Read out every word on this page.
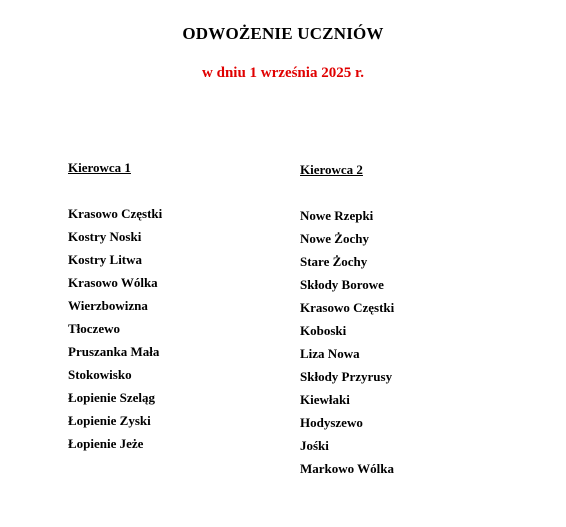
ODWOŻENIE UCZNIÓW
w dniu 1 września 2025 r.
Kierowca 1
Krasowo Częstki
Kostry Noski
Kostry Litwa
Krasowo Wólka
Wierzbowizna
Tłoczewo
Pruszanka Mała
Stokowisko
Łopienie Szeląg
Łopienie Zyski
Łopienie Jeże
Kierowca 2
Nowe Rzepki
Nowe Żochy
Stare Żochy
Skłody Borowe
Krasowo Częstki
Koboski
Liza Nowa
Skłody Przyrusy
Kiewłaki
Hodyszewo
Jośki
Markowo Wólka
